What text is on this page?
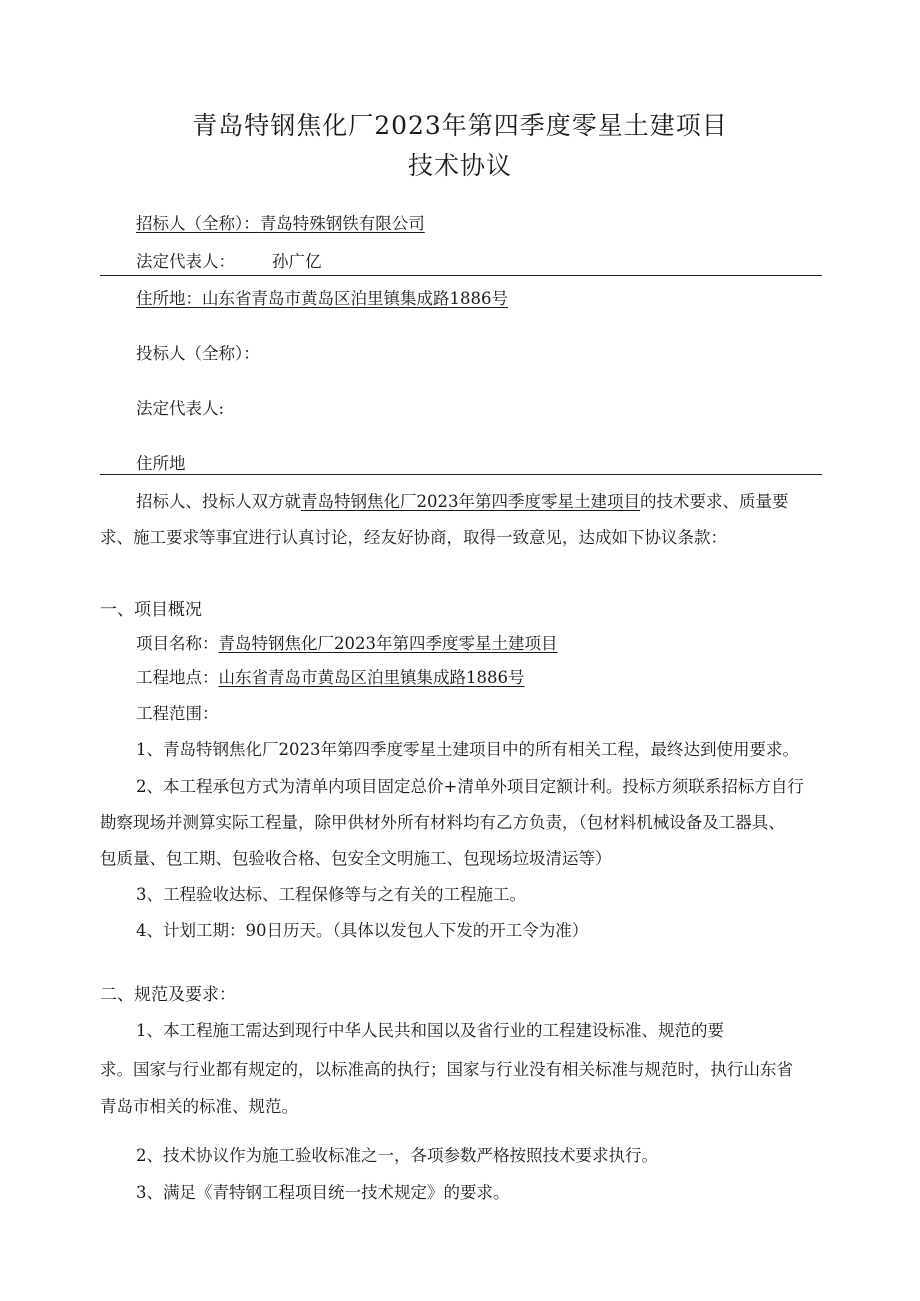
青岛特钢焦化厂2023年第四季度零星土建项目
技术协议
招标人（全称）：青岛特殊钢铁有限公司
法定代表人： 孙广亿
住所地：山东省青岛市黄岛区泊里镇集成路1886号
投标人（全称）：
法定代表人:
住所地
招标人、投标人双方就青岛特钢焦化厂2023年第四季度零星土建项目的技术要求、质量要
求、施工要求等事宜进行认真讨论，经友好协商，取得一致意见，达成如下协议条款：
一、项目概况
项目名称：青岛特钢焦化厂2023年第四季度零星土建项目
工程地点：山东省青岛市黄岛区泊里镇集成路1886号
工程范围：
1、青岛特钢焦化厂2023年第四季度零星土建项目中的所有相关工程，最终达到使用要求。
2、本工程承包方式为清单内项目固定总价+清单外项目定额计利。投标方须联系招标方自行
勘察现场并测算实际工程量，除甲供材外所有材料均有乙方负责，（包材料机械设备及工器具、
包质量、包工期、包验收合格、包安全文明施工、包现场垃圾清运等）
3、工程验收达标、工程保修等与之有关的工程施工。
4、计划工期：90日历天。（具体以发包人下发的开工令为准）
二、规范及要求：
1、本工程施工需达到现行中华人民共和国以及省行业的工程建设标准、规范的要
求。国家与行业都有规定的，以标准高的执行；国家与行业没有相关标准与规范时，执行山东省
青岛市相关的标准、规范。
2、技术协议作为施工验收标准之一，各项参数严格按照技术要求执行。
3、满足《青特钢工程项目统一技术规定》的要求。
